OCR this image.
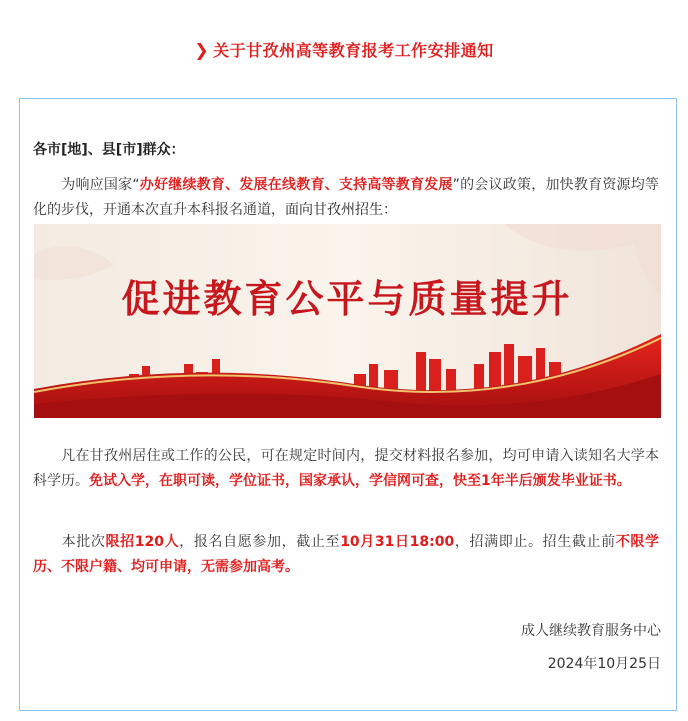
❯ 关于甘孜州高等教育报考工作安排通知
各市[地]、县[市]群众：
为响应国家“办好继续教育、发展在线教育、支持高等教育发展”的会议政策，加快教育资源均等化的步伐，开通本次直升本科报名通道，面向甘孜州招生：
促进教育公平与质量提升
凡在甘孜州居住或工作的公民，可在规定时间内，提交材料报名参加，均可申请入读知名大学本科学历。免试入学，在职可读，学位证书，国家承认，学信网可查，快至1年半后颁发毕业证书。
本批次限招120人，报名自愿参加，截止至10月31日18:00，招满即止。招生截止前不限学历、不限户籍、均可申请，无需参加高考。
成人继续教育服务中心
2024年10月25日
